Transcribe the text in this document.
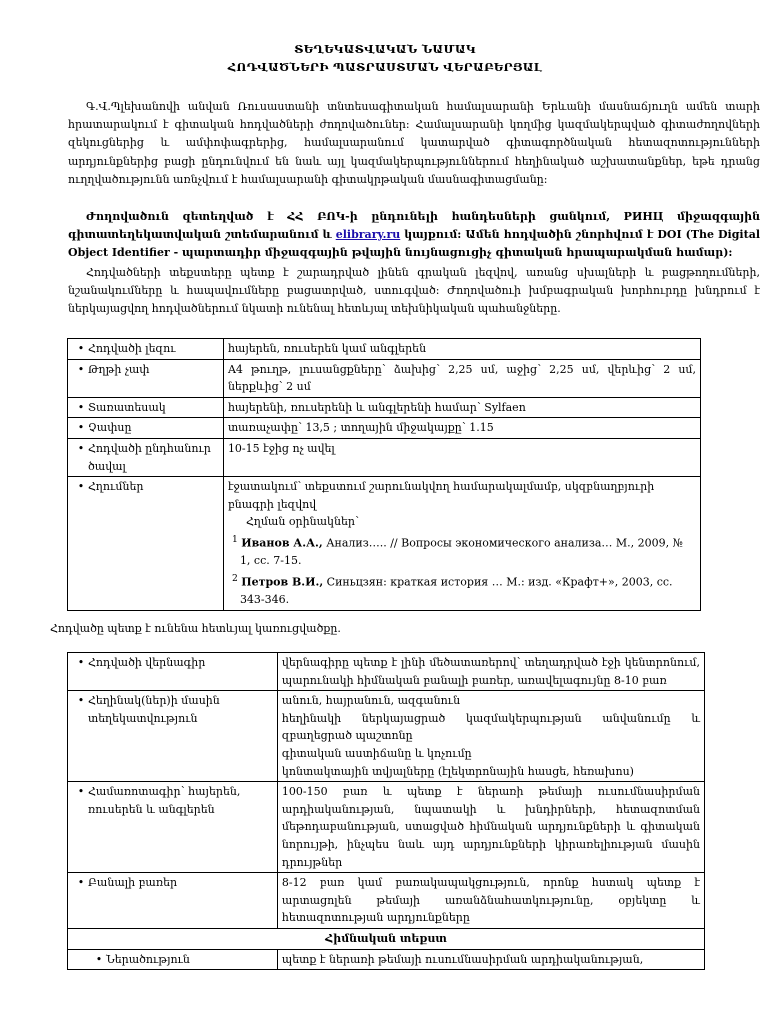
ՏԵՂԵԿԱՏՎԱԿԱՆ ՆԱՄԱԿ
ՀՈԴՎԱԾՆԵՐԻ ՊԱՏՐԱՍՏՄԱՆ ՎԵՐԱԲԵՐՅԱԼ

Գ.Վ.Պլեխանովի անվան Ռուսաստանի տնտեսագիտական համալսարանի Երևանի մասնաճյուղն ամեն տարի հրատարակում է գիտական հոդվածների ժողովածուներ: Համալսարանի կողմից կազմակերպված գիտաժողովների զեկուցներից և ամփոփագրերից, համալսարանում կատարված գիտագործնական հետազոտությունների արդյունքներից բացի ընդունվում են նաև այլ կազմակերպություններում հեղինակած աշխատանքներ, եթե դրանց ուղղվածությունն առնչվում է համալսարանի գիտակրթական մասնագիտացմանը:

Ժողովածուն զետեղված է ՀՀ ԲՈԿ-ի ընդունելի հանդեսների ցանկում, РИНЦ միջազգային գիտատեղեկատվական շտեմարանում և elibrary.ru կայքում: Ամեն հոդվածին շնորհվում է DOI (The Digital Object Identifier - պարտադիր միջազգային թվային նույնացուցիչ գիտական հրապարակման համար):

Հոդվածների տեքստերը պետք է շարադրված լինեն գրական լեզվով, առանց սխալների և բացթողումների, նշանակումները և հապավումները բացատրված, ստուգված: Ժողովածուի խմբագրական խորհուրդը խնդրում է ներկայացվող հոդվածներում նկատի ունենալ հետևյալ տեխնիկական պահանջները.

• Հոդվածի լեզու	հայերեն, ռուսերեն կամ անգլերեն
• Թղթի չափ	A4 թուղթ, լուսանցքները՝ ձախից՝ 2,25 սմ, աջից՝ 2,25 սմ, վերևից՝ 2 սմ, ներքևից՝ 2 սմ
• Տառատեսակ	հայերենի, ռուսերենի և անգլերենի համար՝ Sylfaen
• Չափսը	տառաչափը՝ 13,5 ; տողային միջակայքը՝ 1.15
• Հոդվածի ընդհանուր ծավալ	10-15 էջից ոչ ավել
• Հղումներ	էջատակում՝ տեքստում շարունակվող համարակալմամբ, սկզբնաղբյուրի բնագրի լեզվով
Հղման օրինակներ՝
$^1$ Иванов А.А., Анализ….. // Вопросы экономического анализа… М., 2009, № 1, сс. 7-15.
$^2$ Петров В.И., Синьцзян: краткая история … М.: изд. «Крафт+», 2003, сс. 343-346.

Հոդվածը պետք է ունենա հետևյալ կառուցվածքը.

• Հոդվածի վերնագիր	վերնագիրը պետք է լինի մեծատառերով՝ տեղադրված էջի կենտրոնում, պարունակի հիմնական բանալի բառեր, առավելագույնը 8-10 բառ
• Հեղինակ(ներ)ի մասին տեղեկատվություն	անուն, հայրանուն, ազգանուն
հեղինակի ներկայացրած կազմակերպության անվանումը և զբաղեցրած պաշտոնը
գիտական աստիճանը և կոչումը
կոնտակտային տվյալները (էլեկտրոնային հասցե, հեռախոս)

• Համառոտագիր՝ հայերեն, ռուսերեն և անգլերեն	100-150 բառ և պետք է ներառի թեմայի ուսումնասիրման արդիականության, նպատակի և խնդիրների, հետազոտման մեթոդաբանության, ստացված հիմնական արդյունքների և գիտական նորույթի, ինչպես նաև այդ արդյունքների կիրառելիության մասին դրույթներ
• Բանալի բառեր	8-12 բառ կամ բառակապակցություն, որոնք հստակ պետք է արտացոլեն թեմայի առանձնահատկությունը, օբյեկտը և հետազոտության արդյունքները
Հիմնական տեքստ	
• Ներածություն	պետք է ներառի թեմայի ուսումնասիրման արդիականության,
